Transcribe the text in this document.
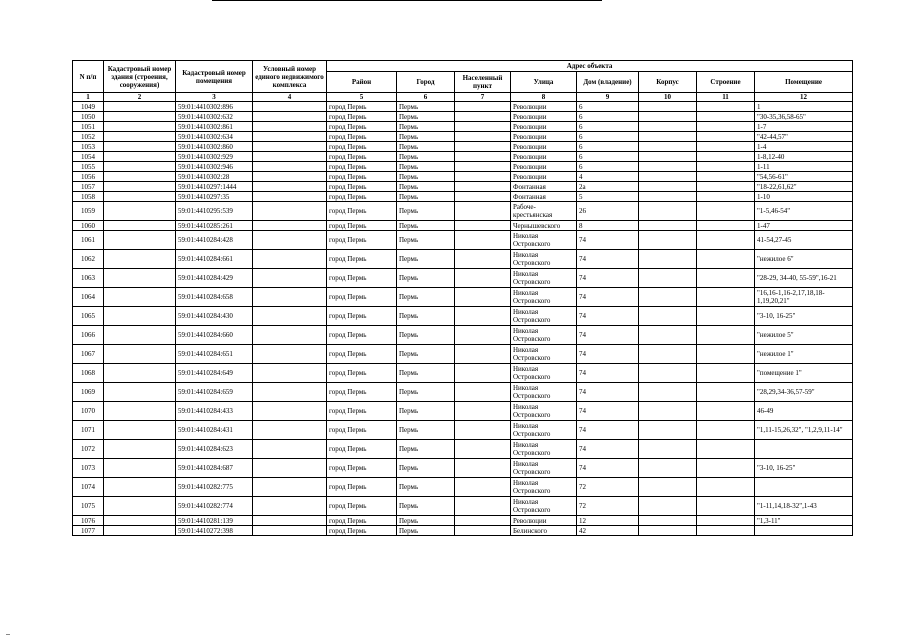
N п/п	Кадастровый номер здания (строения, сооружения)	Кадастровый номер помещения	Условный номер единого недвижимого комплекса	Адрес объекта							
				Район	Город	Населенный пункт	Улица	Дом (владение)	Корпус	Строение	Помещение
1	2	3	4	5	6	7	8	9	10	11	12
1049		59:01:4410302:896		город Пермь	Пермь		Революции	6			1
1050		59:01:4410302:632		город Пермь	Пермь		Революции	6			"30-35,36,58-65"
1051		59:01:4410302:861		город Пермь	Пермь		Революции	6			1-7
1052		59:01:4410302:634		город Пермь	Пермь		Революции	6			"42-44,57"
1053		59:01:4410302:860		город Пермь	Пермь		Революции	6			1-4
1054		59:01:4410302:929		город Пермь	Пермь		Революции	6			1-8,12-40
1055		59:01:4410302:946		город Пермь	Пермь		Революции	6			1-11
1056		59:01:4410302:28		город Пермь	Пермь		Революции	4			"54,56-61"
1057		59:01:4410297:1444		город Пермь	Пермь		Фонтанная	2а			"18-22,61,62"
1058		59:01:4410297:35		город Пермь	Пермь		Фонтанная	5			1-10
1059		59:01:4410295:539		город Пермь	Пермь		Рабоче-крестьянская	26			"1-5,46-54"
1060		59:01:4410285:261		город Пермь	Пермь		Чернышевского	8			1-47
1061		59:01:4410284:428		город Пермь	Пермь		Николая Островского	74			41-54,27-45
1062		59:01:4410284:661		город Пермь	Пермь		Николая Островского	74			"нежилое 6"
1063		59:01:4410284:429		город Пермь	Пермь		Николая Островского	74			"28-29, 34-40, 55-59",16-21
1064		59:01:4410284:658		город Пермь	Пермь		Николая Островского	74			"16,16-1,16-2,17,18,18-1,19,20,21"
1065		59:01:4410284:430		город Пермь	Пермь		Николая Островского	74			"3-10, 16-25"
1066		59:01:4410284:660		город Пермь	Пермь		Николая Островского	74			"нежилое 5"
1067		59:01:4410284:651		город Пермь	Пермь		Николая Островского	74			"нежилое 1"
1068		59:01:4410284:649		город Пермь	Пермь		Николая Островского	74			"помещение 1"
1069		59:01:4410284:659		город Пермь	Пермь		Николая Островского	74			"28,29,34-36,57-59"
1070		59:01:4410284:433		город Пермь	Пермь		Николая Островского	74			46-49
1071		59:01:4410284:431		город Пермь	Пермь		Николая Островского	74			"1,11-15,26,32", "1,2,9,11-14"
1072		59:01:4410284:623		город Пермь	Пермь		Николая Островского	74			
1073		59:01:4410284:687		город Пермь	Пермь		Николая Островского	74			"3-10, 16-25"
1074		59:01:4410282:775		город Пермь	Пермь		Николая Островского	72			
1075		59:01:4410282:774		город Пермь	Пермь		Николая Островского	72			"1-11,14,18-32",1-43
1076		59:01:4410281:139		город Пермь	Пермь		Революции	12			"1,3-11"
1077		59:01:4410272:398		город Пермь	Пермь		Белинского	42			
